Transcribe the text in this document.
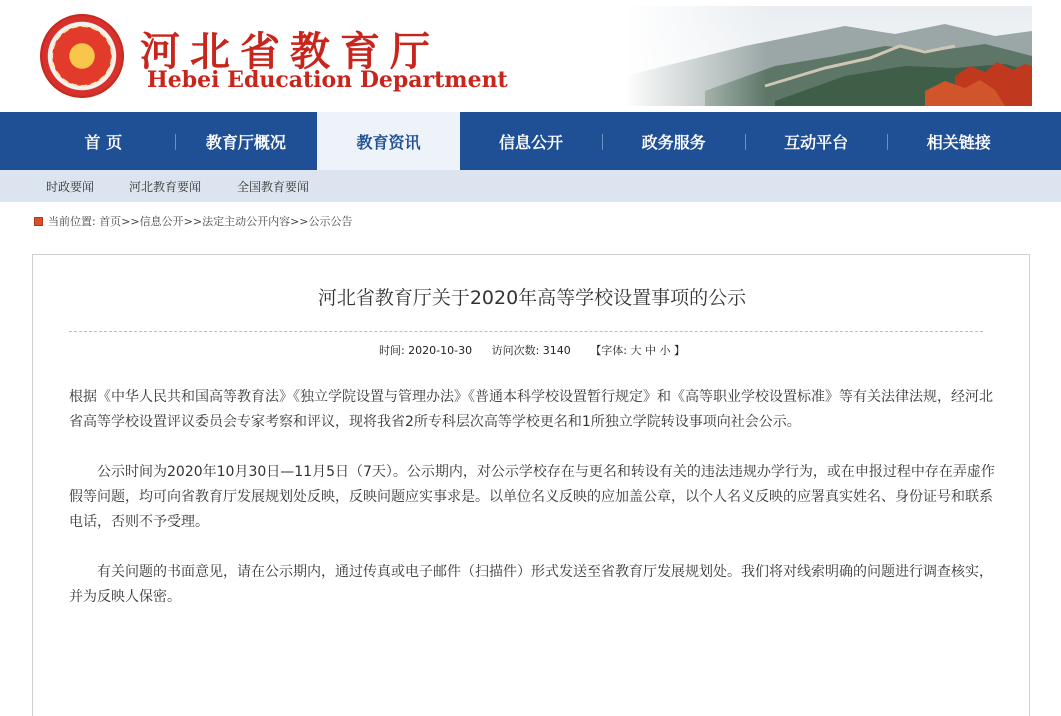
河北省教育厅
Hebei Education Department
首 页	教育厅概况	教育资讯	信息公开	政务服务	互动平台	相关链接
时政要闻	河北教育要闻	全国教育要闻
当前位置: 首页>>信息公开>>法定主动公开内容>>公示公告
河北省教育厅关于2020年高等学校设置事项的公示
时间: 2020-10-30 访问次数: 3140 【字体: 大 中 小 】

根据《中华人民共和国高等教育法》《独立学院设置与管理办法》《普通本科学校设置暂行规定》和《高等职业学校设置标准》等有关法律法规，经河北省高等学校设置评议委员会专家考察和评议，现将我省2所专科层次高等学校更名和1所独立学院转设事项向社会公示。

公示时间为2020年10月30日—11月5日（7天）。公示期内，对公示学校存在与更名和转设有关的违法违规办学行为，或在申报过程中存在弄虚作假等问题，均可向省教育厅发展规划处反映，反映问题应实事求是。以单位名义反映的应加盖公章，以个人名义反映的应署真实姓名、身份证号和联系电话，否则不予受理。

有关问题的书面意见，请在公示期内，通过传真或电子邮件（扫描件）形式发送至省教育厅发展规划处。我们将对线索明确的问题进行调查核实，并为反映人保密。
